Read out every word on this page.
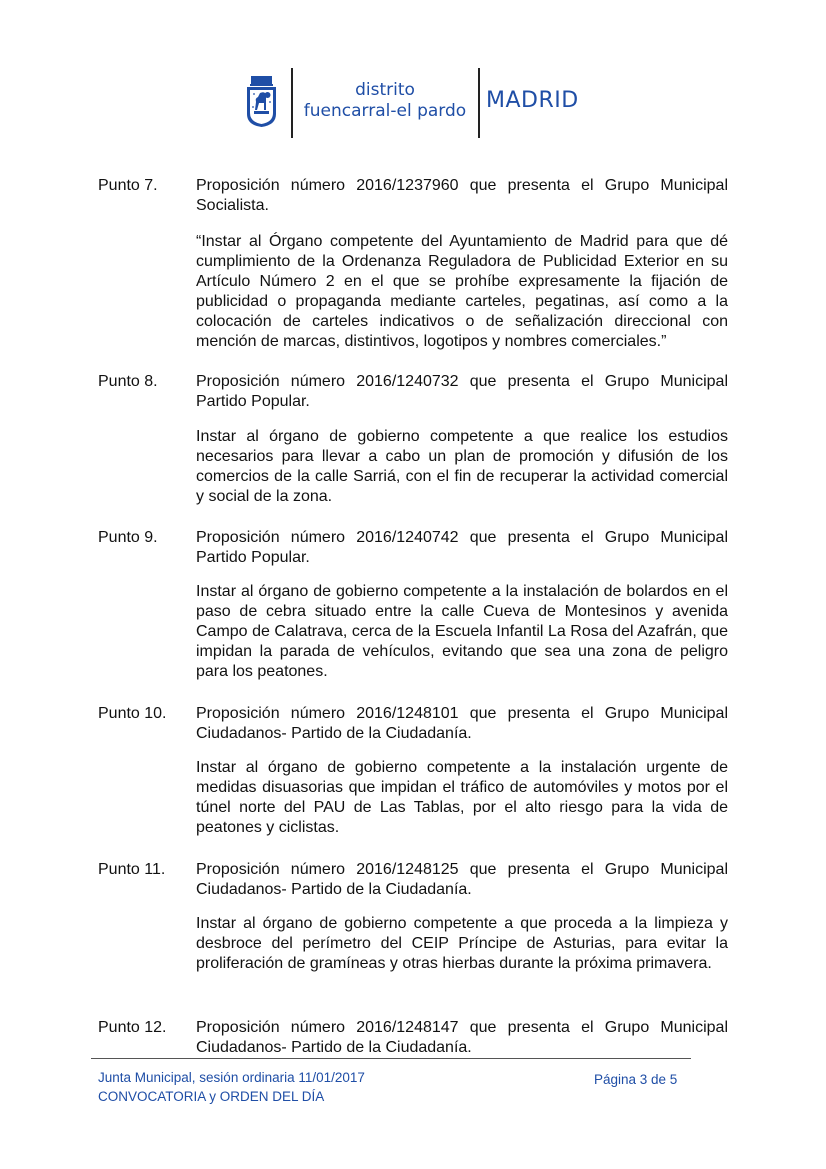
distrito
fuencarral-el pardo MADRID
Punto 7. Proposición número 2016/1237960 que presenta el Grupo Municipal Socialista.
“Instar al Órgano competente del Ayuntamiento de Madrid para que dé cumplimiento de la Ordenanza Reguladora de Publicidad Exterior en su Artículo Número 2 en el que se prohíbe expresamente la fijación de publicidad o propaganda mediante carteles, pegatinas, así como a la colocación de carteles indicativos o de señalización direccional con mención de marcas, distintivos, logotipos y nombres comerciales.”
Punto 8. Proposición número 2016/1240732 que presenta el Grupo Municipal Partido Popular.
Instar al órgano de gobierno competente a que realice los estudios necesarios para llevar a cabo un plan de promoción y difusión de los comercios de la calle Sarriá, con el fin de recuperar la actividad comercial y social de la zona.
Punto 9. Proposición número 2016/1240742 que presenta el Grupo Municipal Partido Popular.
Instar al órgano de gobierno competente a la instalación de bolardos en el paso de cebra situado entre la calle Cueva de Montesinos y avenida Campo de Calatrava, cerca de la Escuela Infantil La Rosa del Azafrán, que impidan la parada de vehículos, evitando que sea una zona de peligro para los peatones.
Punto 10. Proposición número 2016/1248101 que presenta el Grupo Municipal Ciudadanos- Partido de la Ciudadanía.
Instar al órgano de gobierno competente a la instalación urgente de medidas disuasorias que impidan el tráfico de automóviles y motos por el túnel norte del PAU de Las Tablas, por el alto riesgo para la vida de peatones y ciclistas.
Punto 11. Proposición número 2016/1248125 que presenta el Grupo Municipal Ciudadanos- Partido de la Ciudadanía.
Instar al órgano de gobierno competente a que proceda a la limpieza y desbroce del perímetro del CEIP Príncipe de Asturias, para evitar la proliferación de gramíneas y otras hierbas durante la próxima primavera.
Punto 12. Proposición número 2016/1248147 que presenta el Grupo Municipal Ciudadanos- Partido de la Ciudadanía.
Junta Municipal, sesión ordinaria 11/01/2017
CONVOCATORIA y ORDEN DEL DÍA
Página 3 de 5
